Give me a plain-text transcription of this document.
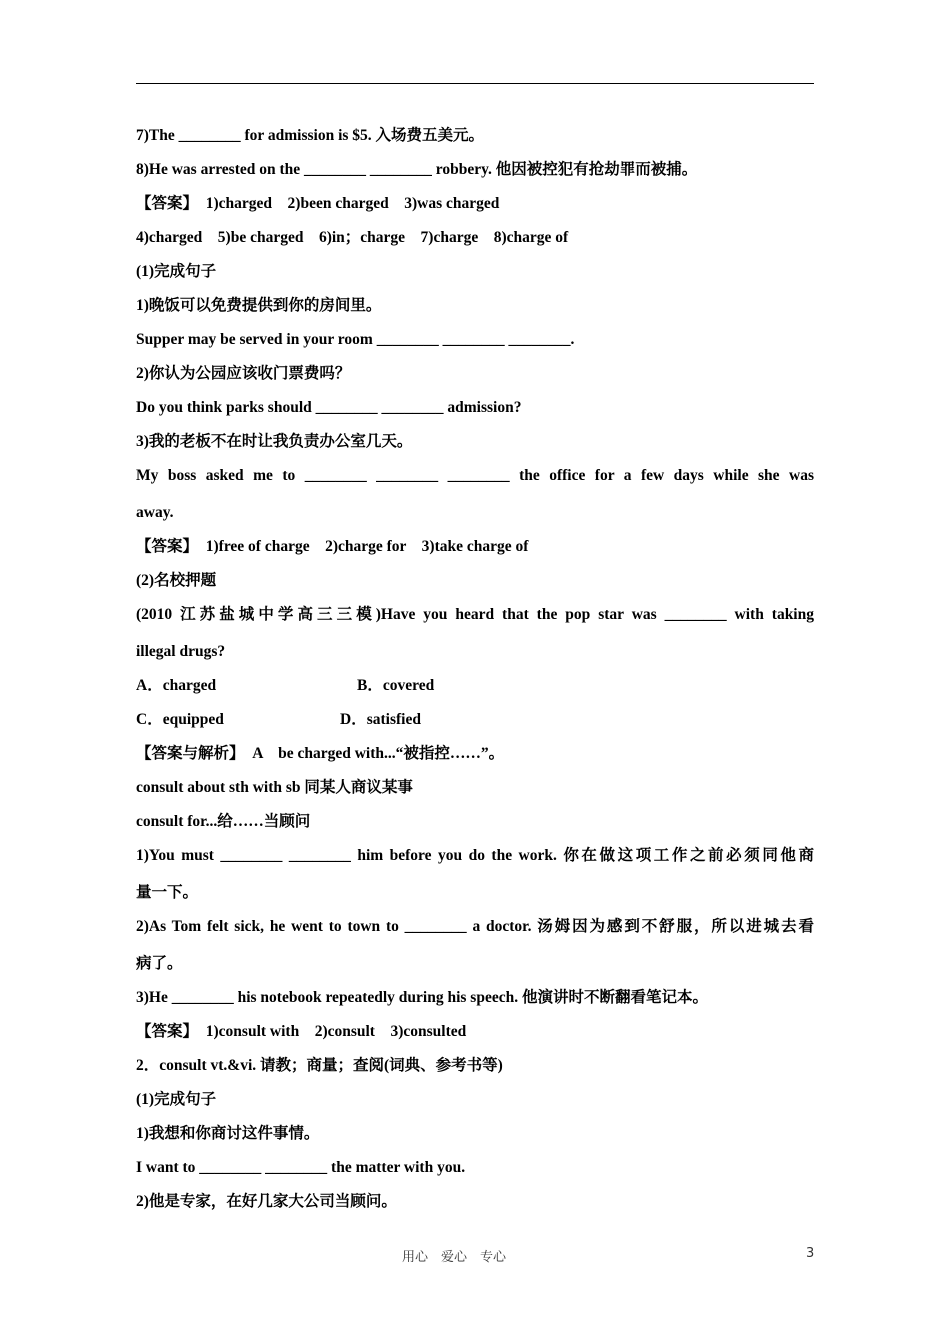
7)The ________ for admission is $5. 入场费五美元。
8)He was arrested on the ________ ________ robbery. 他因被控犯有抢劫罪而被捕。
【答案】　1)charged　2)been charged　3)was charged
4)charged　5)be charged　6)in；charge　7)charge　8)charge of
(1)完成句子
1)晚饭可以免费提供到你的房间里。
Supper may be served in your room ________ ________ ________.
2)你认为公园应该收门票费吗？
Do you think parks should ________ ________ admission?
3)我的老板不在时让我负责办公室几天。
My boss asked me to ________ ________ ________ the office for a few days while she was
away.
【答案】　1)free of charge　2)charge for　3)take charge of
(2)名校押题
(2010 江苏盐城中学高三三模)Have you heard that the pop star was ________ with taking
illegal drugs?
A．charged	B．covered
C．equipped	D．satisfied
【答案与解析】　A　be charged with...“被指控……”。
consult about sth with sb 同某人商议某事
consult for...给……当顾问
1)You must ________ ________ him before you do the work. 你在做这项工作之前必须同他商
量一下。
2)As Tom felt sick, he went to town to ________ a doctor. 汤姆因为感到不舒服，所以进城去看
病了。
3)He ________ his notebook repeatedly during his speech. 他演讲时不断翻看笔记本。
【答案】　1)consult with　2)consult　3)consulted
2．consult vt.&vi. 请教；商量；查阅(词典、参考书等)
(1)完成句子
1)我想和你商讨这件事情。
I want to ________ ________ the matter with you.
2)他是专家，在好几家大公司当顾问。
用心　爱心　专心	3
